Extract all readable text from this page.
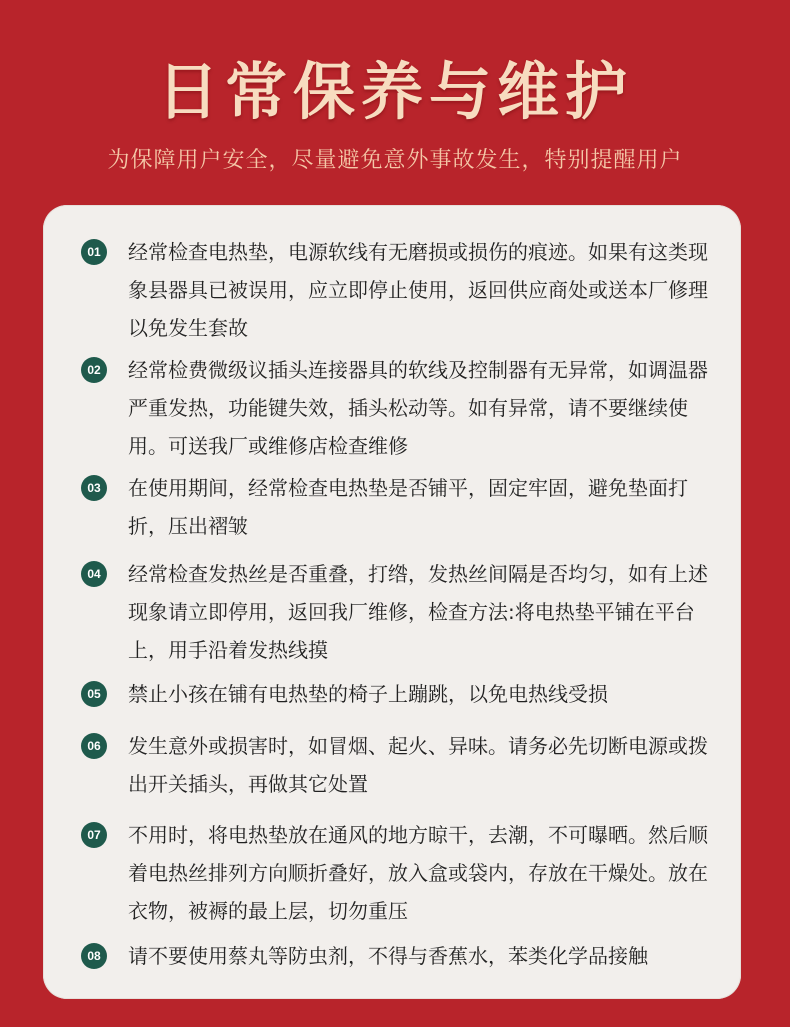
日常保养与维护
为保障用户安全，尽量避免意外事故发生，特别提醒用户
01	经常检查电热垫，电源软线有无磨损或损伤的痕迹。如果有这类现象县器具已被误用，应立即停止使用，返回供应商处或送本厂修理以免发生套故
02	经常检费微级议插头连接器具的软线及控制器有无异常，如调温器严重发热，功能键失效，插头松动等。如有异常，请不要继续使用。可送我厂或维修店检查维修
03	在使用期间，经常检查电热垫是否铺平，固定牢固，避免垫面打折，压出褶皱
04	经常检查发热丝是否重叠，打绺，发热丝间隔是否均匀，如有上述现象请立即停用，返回我厂维修，检查方法:将电热垫平铺在平台上，用手沿着发热线摸
05	禁止小孩在铺有电热垫的椅子上蹦跳，以免电热线受损
06	发生意外或损害时，如冒烟、起火、异味。请务必先切断电源或拨出开关插头，再做其它处置
07	不用时，将电热垫放在通风的地方晾干，去潮，不可曝晒。然后顺着电热丝排列方向顺折叠好，放入盒或袋内，存放在干燥处。放在衣物，被褥的最上层，切勿重压
08	请不要使用蔡丸等防虫剂，不得与香蕉水，苯类化学品接触
